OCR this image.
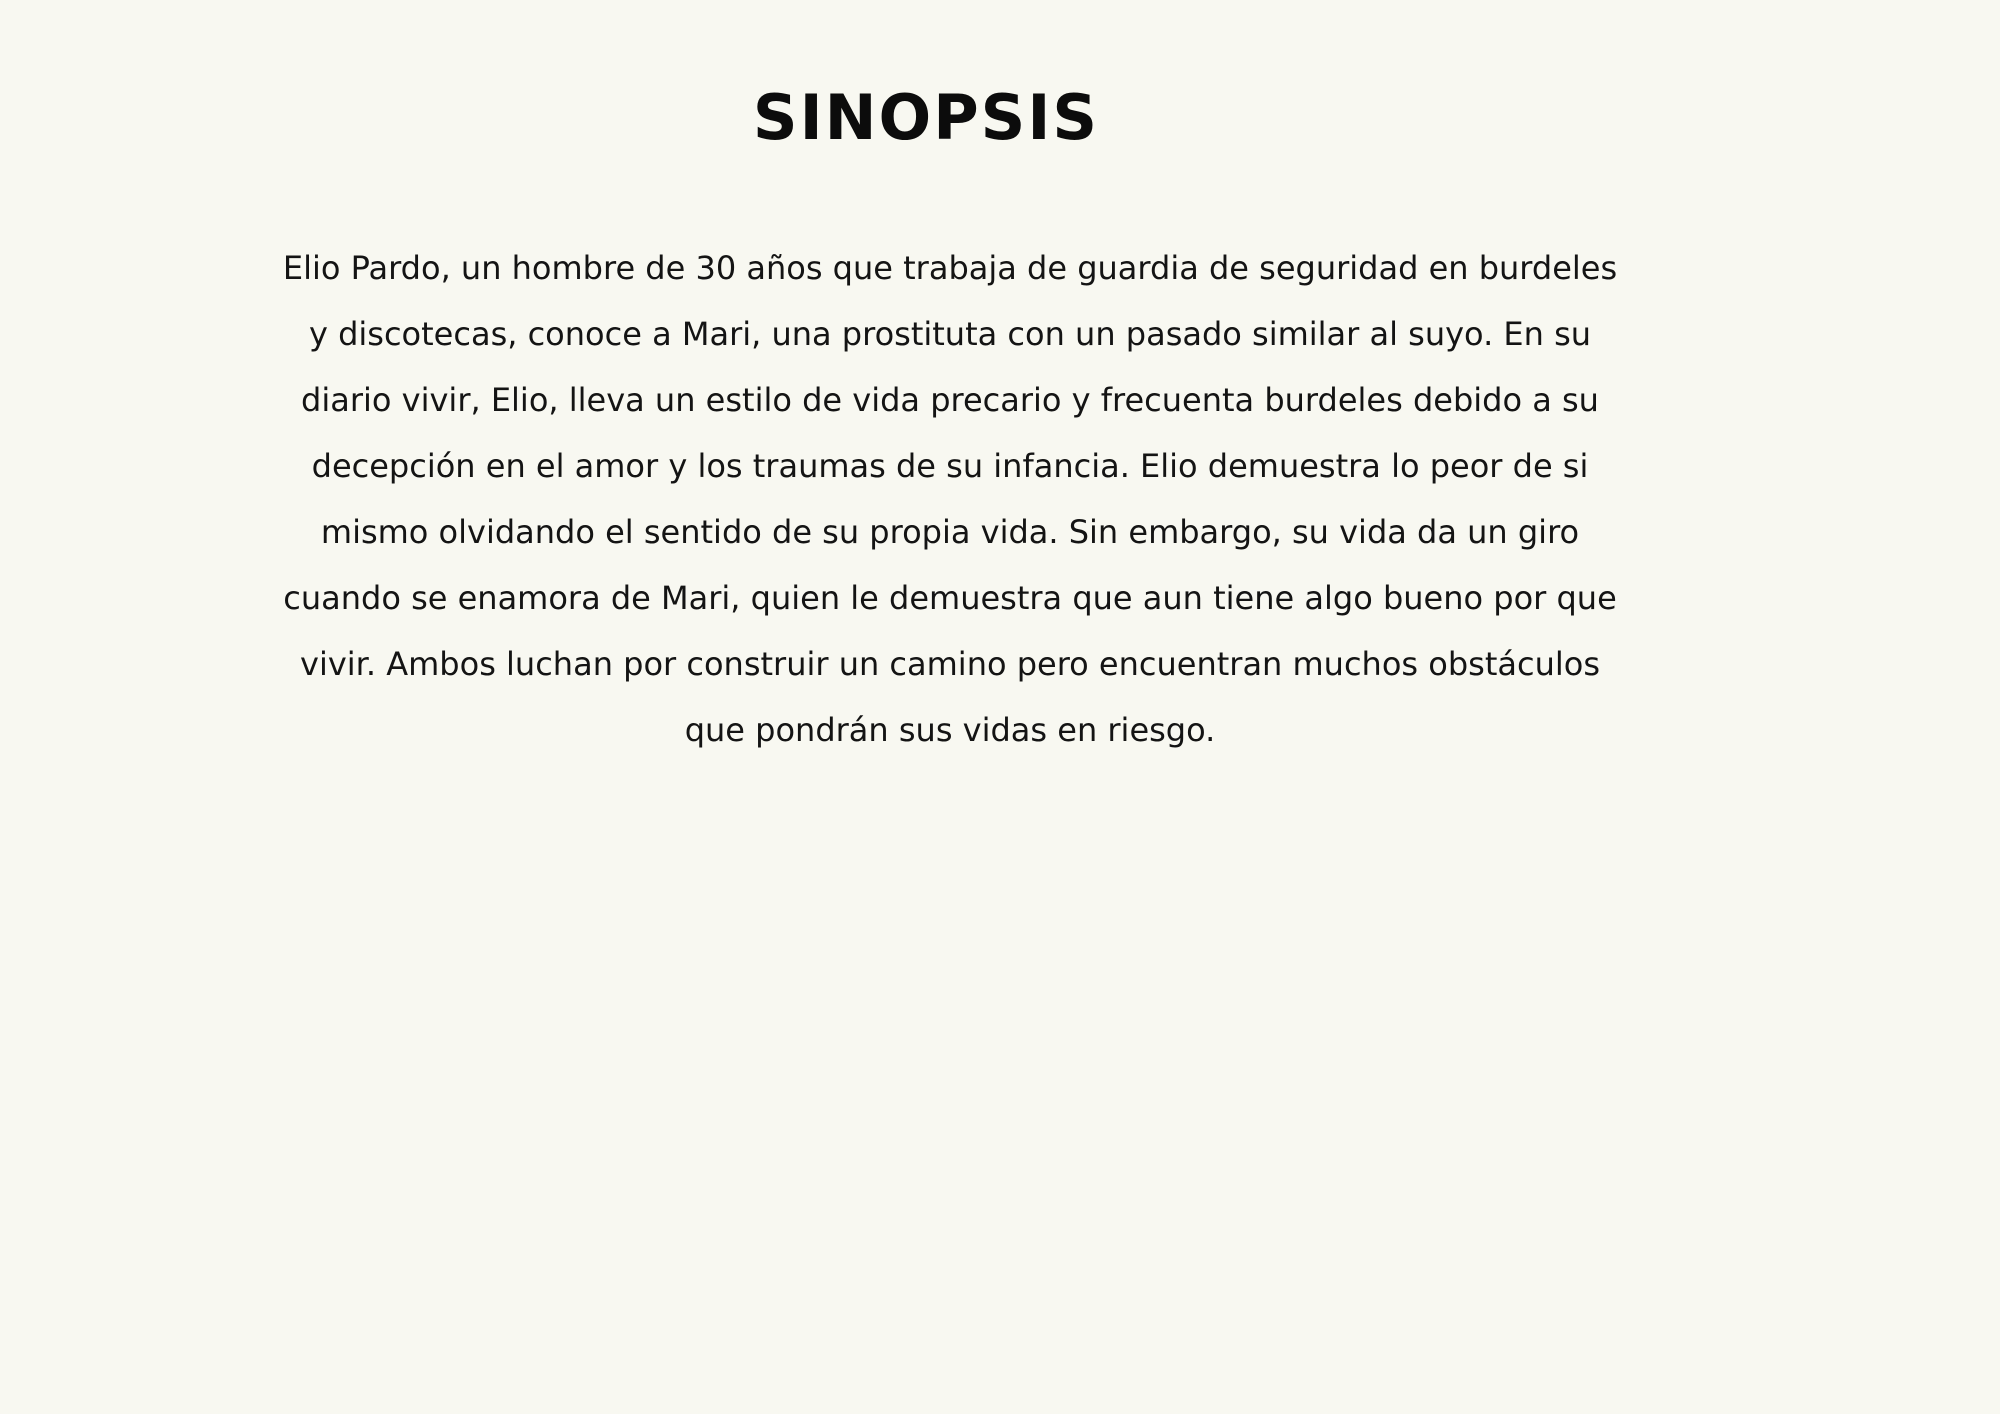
SINOPSIS

Elio Pardo, un hombre de 30 años que trabaja de guardia de seguridad en burdeles
y discotecas, conoce a Mari, una prostituta con un pasado similar al suyo. En su
diario vivir, Elio, lleva un estilo de vida precario y frecuenta burdeles debido a su
decepción en el amor y los traumas de su infancia. Elio demuestra lo peor de si
mismo olvidando el sentido de su propia vida. Sin embargo, su vida da un giro
cuando se enamora de Mari, quien le demuestra que aun tiene algo bueno por que
vivir. Ambos luchan por construir un camino pero encuentran muchos obstáculos
que pondrán sus vidas en riesgo.
